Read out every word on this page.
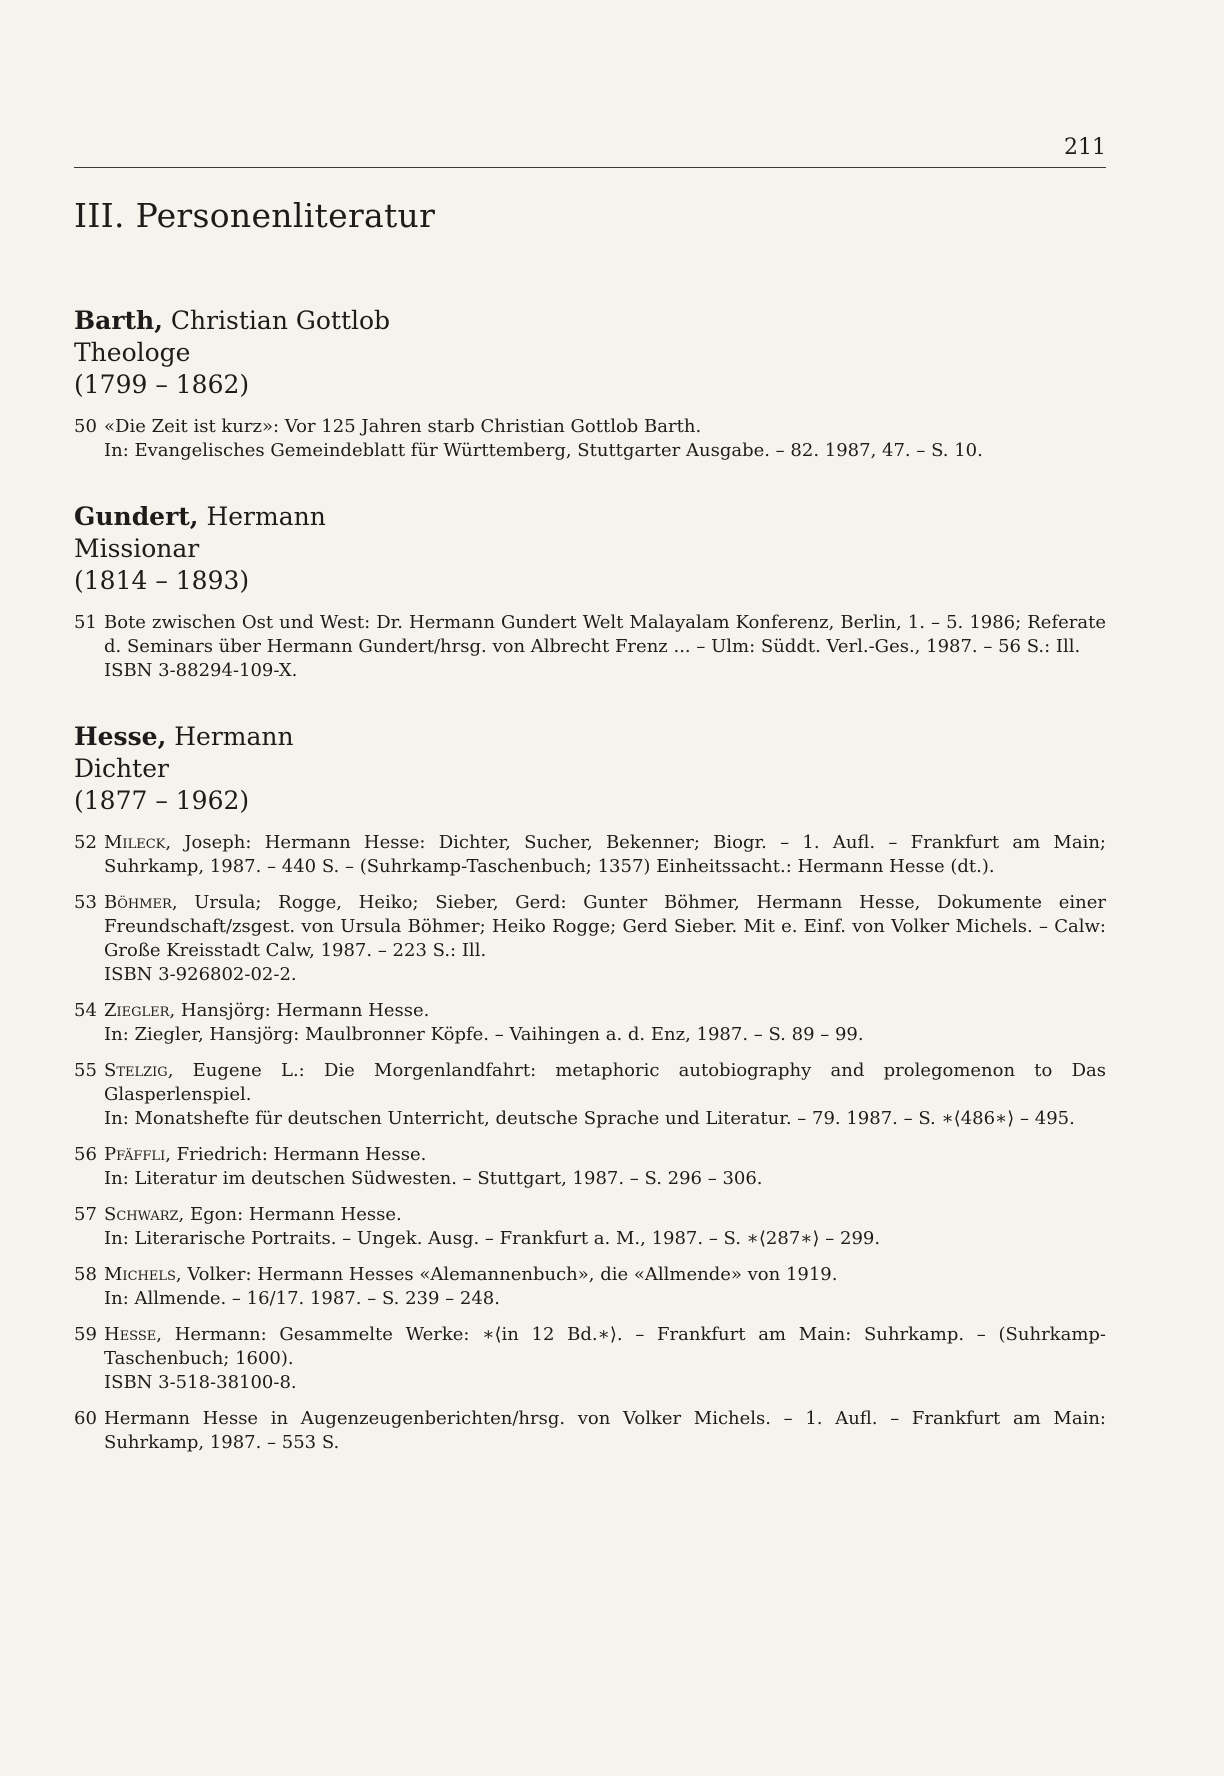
211
III. Personenliteratur
Barth, Christian Gottlob
Theologe
(1799 – 1862)
50 «Die Zeit ist kurz»: Vor 125 Jahren starb Christian Gottlob Barth.
In: Evangelisches Gemeindeblatt für Württemberg, Stuttgarter Ausgabe. – 82. 1987, 47. – S. 10.
Gundert, Hermann
Missionar
(1814 – 1893)
51 Bote zwischen Ost und West: Dr. Hermann Gundert Welt Malayalam Konferenz, Berlin, 1. – 5. 1986; Referate d. Seminars über Hermann Gundert/hrsg. von Albrecht Frenz ... – Ulm: Süddt. Verl.-Ges., 1987. – 56 S.: Ill.
ISBN 3-88294-109-X.
Hesse, Hermann
Dichter
(1877 – 1962)
52 Mileck, Joseph: Hermann Hesse: Dichter, Sucher, Bekenner; Biogr. – 1. Aufl. – Frankfurt am Main; Suhrkamp, 1987. – 440 S. – (Suhrkamp-Taschenbuch; 1357) Einheitssacht.: Hermann Hesse (dt.).
53 Böhmer, Ursula; Rogge, Heiko; Sieber, Gerd: Gunter Böhmer, Hermann Hesse, Dokumente einer Freundschaft/zsgest. von Ursula Böhmer; Heiko Rogge; Gerd Sieber. Mit e. Einf. von Volker Michels. – Calw: Große Kreisstadt Calw, 1987. – 223 S.: Ill.
ISBN 3-926802-02-2.
54 Ziegler, Hansjörg: Hermann Hesse.
In: Ziegler, Hansjörg: Maulbronner Köpfe. – Vaihingen a. d. Enz, 1987. – S. 89 – 99.
55 Stelzig, Eugene L.: Die Morgenlandfahrt: metaphoric autobiography and prolegomenon to Das Glasperlenspiel.
In: Monatshefte für deutschen Unterricht, deutsche Sprache und Literatur. – 79. 1987. – S. ∗⟨486∗⟩ – 495.
56 Pfäffli, Friedrich: Hermann Hesse.
In: Literatur im deutschen Südwesten. – Stuttgart, 1987. – S. 296 – 306.
57 Schwarz, Egon: Hermann Hesse.
In: Literarische Portraits. – Ungek. Ausg. – Frankfurt a. M., 1987. – S. ∗⟨287∗⟩ – 299.
58 Michels, Volker: Hermann Hesses «Alemannenbuch», die «Allmende» von 1919.
In: Allmende. – 16/17. 1987. – S. 239 – 248.
59 Hesse, Hermann: Gesammelte Werke: ∗⟨in 12 Bd.∗⟩. – Frankfurt am Main: Suhrkamp. – (Suhrkamp-Taschenbuch; 1600).
ISBN 3-518-38100-8.
60 Hermann Hesse in Augenzeugenberichten/hrsg. von Volker Michels. – 1. Aufl. – Frankfurt am Main: Suhrkamp, 1987. – 553 S.
